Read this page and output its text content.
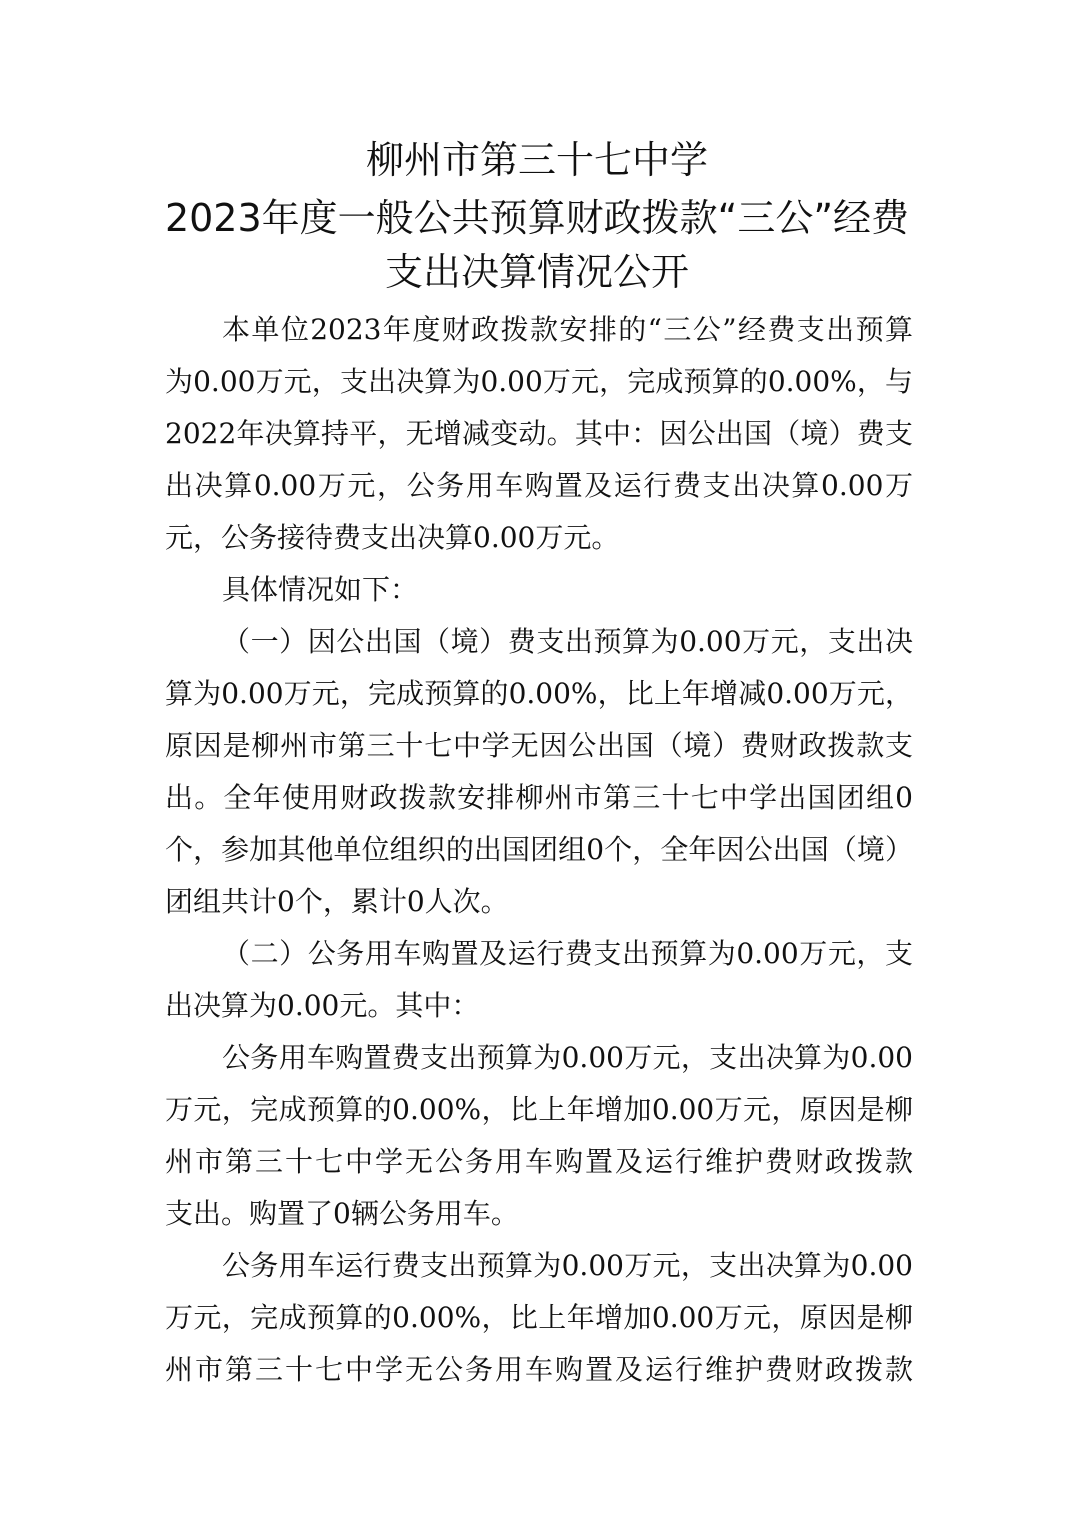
柳州市第三十七中学
2023年度一般公共预算财政拨款“三公”经费
支出决算情况公开
本单位2023年度财政拨款安排的“三公”经费支出预算
为0.00万元，支出决算为0.00万元，完成预算的0.00%，与
2022年决算持平，无增减变动。其中：因公出国（境）费支
出决算0.00万元，公务用车购置及运行费支出决算0.00万
元，公务接待费支出决算0.00万元。
具体情况如下：
（一）因公出国（境）费支出预算为0.00万元，支出决
算为0.00万元，完成预算的0.00%，比上年增减0.00万元，
原因是柳州市第三十七中学无因公出国（境）费财政拨款支
出。全年使用财政拨款安排柳州市第三十七中学出国团组0
个，参加其他单位组织的出国团组0个，全年因公出国（境）
团组共计0个，累计0人次。
（二）公务用车购置及运行费支出预算为0.00万元，支
出决算为0.00元。其中：
公务用车购置费支出预算为0.00万元，支出决算为0.00
万元，完成预算的0.00%，比上年增加0.00万元，原因是柳
州市第三十七中学无公务用车购置及运行维护费财政拨款
支出。购置了0辆公务用车。
公务用车运行费支出预算为0.00万元，支出决算为0.00
万元，完成预算的0.00%，比上年增加0.00万元，原因是柳
州市第三十七中学无公务用车购置及运行维护费财政拨款
